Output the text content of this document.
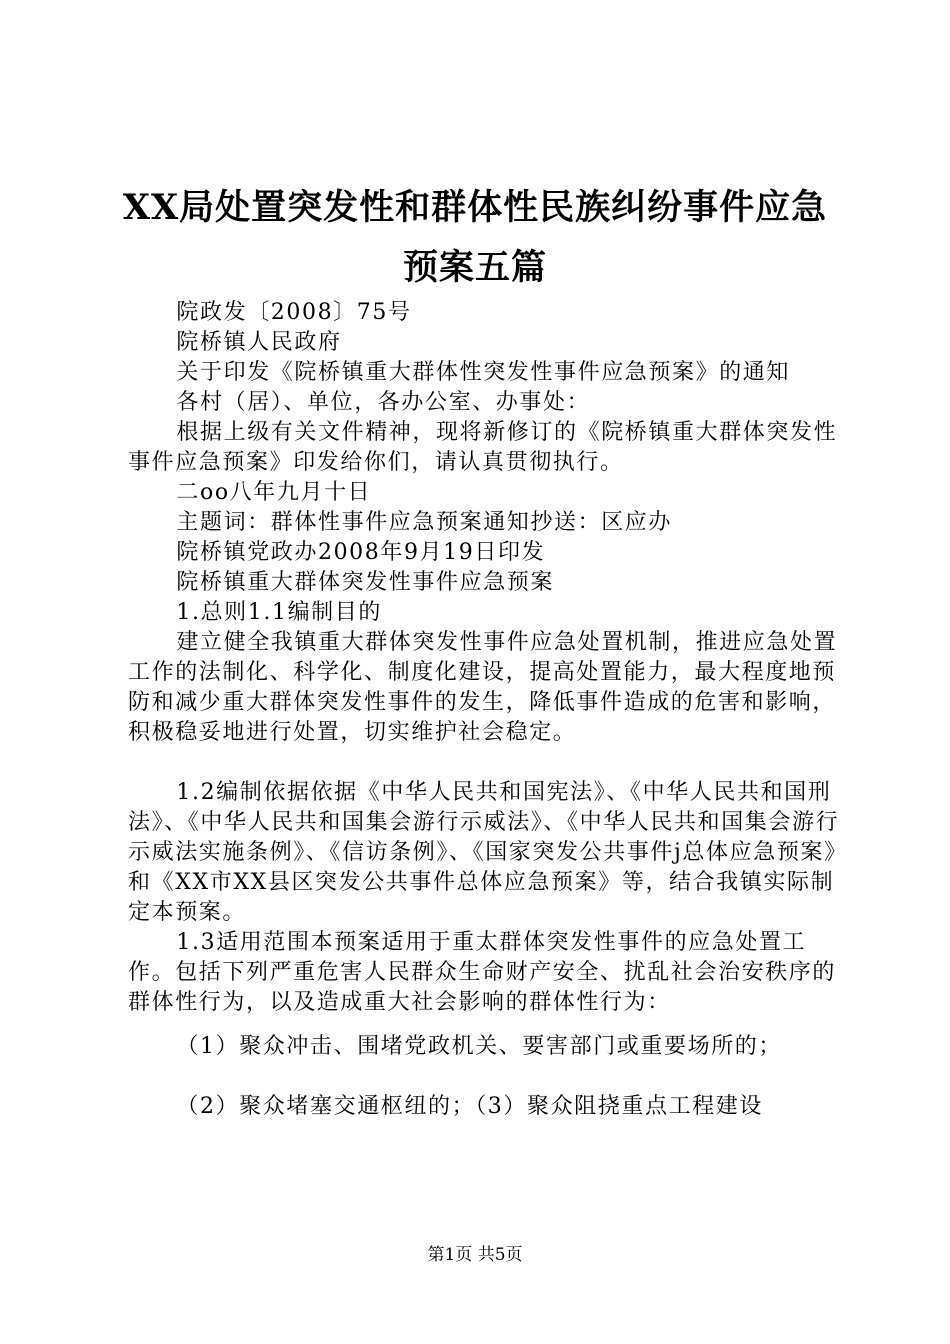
XX局处置突发性和群体性民族纠纷事件应急
预案五篇

院政发〔2008〕75号

院桥镇人民政府

关于印发《院桥镇重大群体性突发性事件应急预案》的通知

各村（居）、单位，各办公室、办事处：

根据上级有关文件精神，现将新修订的《院桥镇重大群体突发性事件应急预案》印发给你们，请认真贯彻执行。

二oo八年九月十日

主题词：群体性事件应急预案通知抄送：区应办

院桥镇党政办2008年9月19日印发

院桥镇重大群体突发性事件应急预案

1.总则1.1编制目的

建立健全我镇重大群体突发性事件应急处置机制，推进应急处置工作的法制化、科学化、制度化建设，提高处置能力，最大程度地预防和减少重大群体突发性事件的发生，降低事件造成的危害和影响，积极稳妥地进行处置，切实维护社会稳定。

1.2编制依据依据《中华人民共和国宪法》、《中华人民共和国刑法》、《中华人民共和国集会游行示威法》、《中华人民共和国集会游行示威法实施条例》、《信访条例》、《国家突发公共事件j总体应急预案》和《XX市XX县区突发公共事件总体应急预案》等，结合我镇实际制定本预案。

1.3适用范围本预案适用于重太群体突发性事件的应急处置工作。包括下列严重危害人民群众生命财产安全、扰乱社会治安秩序的群体性行为，以及造成重大社会影响的群体性行为：

（1）聚众冲击、围堵党政机关、要害部门或重要场所的；

（2）聚众堵塞交通枢纽的；（3）聚众阻挠重点工程建设

第1页 共5页
